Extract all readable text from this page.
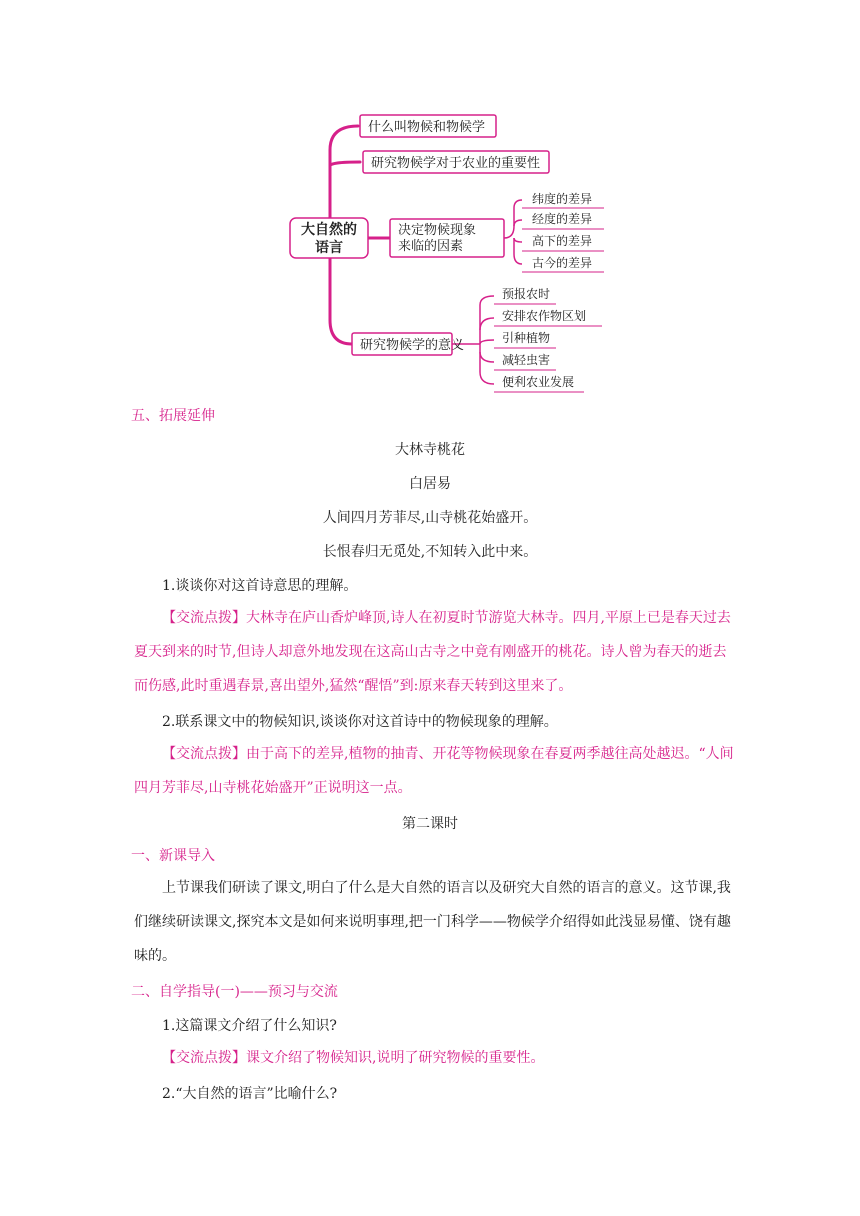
大自然的
语言
什么叫物候和物候学
研究物候学对于农业的重要性
决定物候现象
来临的因素
研究物候学的意义
纬度的差异
经度的差异
高下的差异
古今的差异
预报农时
安排农作物区划
引种植物
减轻虫害
便利农业发展
五、拓展延伸
大林寺桃花
白居易
人间四月芳菲尽,山寺桃花始盛开。
长恨春归无觅处,不知转入此中来。
1.谈谈你对这首诗意思的理解。

【交流点拨】大林寺在庐山香炉峰顶,诗人在初夏时节游览大林寺。四月,平原上已是春天过去夏天到来的时节,但诗人却意外地发现在这高山古寺之中竟有刚盛开的桃花。诗人曾为春天的逝去而伤感,此时重遇春景,喜出望外,猛然“醒悟”到:原来春天转到这里来了。

2.联系课文中的物候知识,谈谈你对这首诗中的物候现象的理解。

【交流点拨】由于高下的差异,植物的抽青、开花等物候现象在春夏两季越往高处越迟。“人间四月芳菲尽,山寺桃花始盛开”正说明这一点。

第二课时
一、新课导入

上节课我们研读了课文,明白了什么是大自然的语言以及研究大自然的语言的意义。这节课,我们继续研读课文,探究本文是如何来说明事理,把一门科学——物候学介绍得如此浅显易懂、饶有趣味的。

二、自学指导(一)——预习与交流
1.这篇课文介绍了什么知识?

【交流点拨】课文介绍了物候知识,说明了研究物候的重要性。

2.“大自然的语言”比喻什么?
